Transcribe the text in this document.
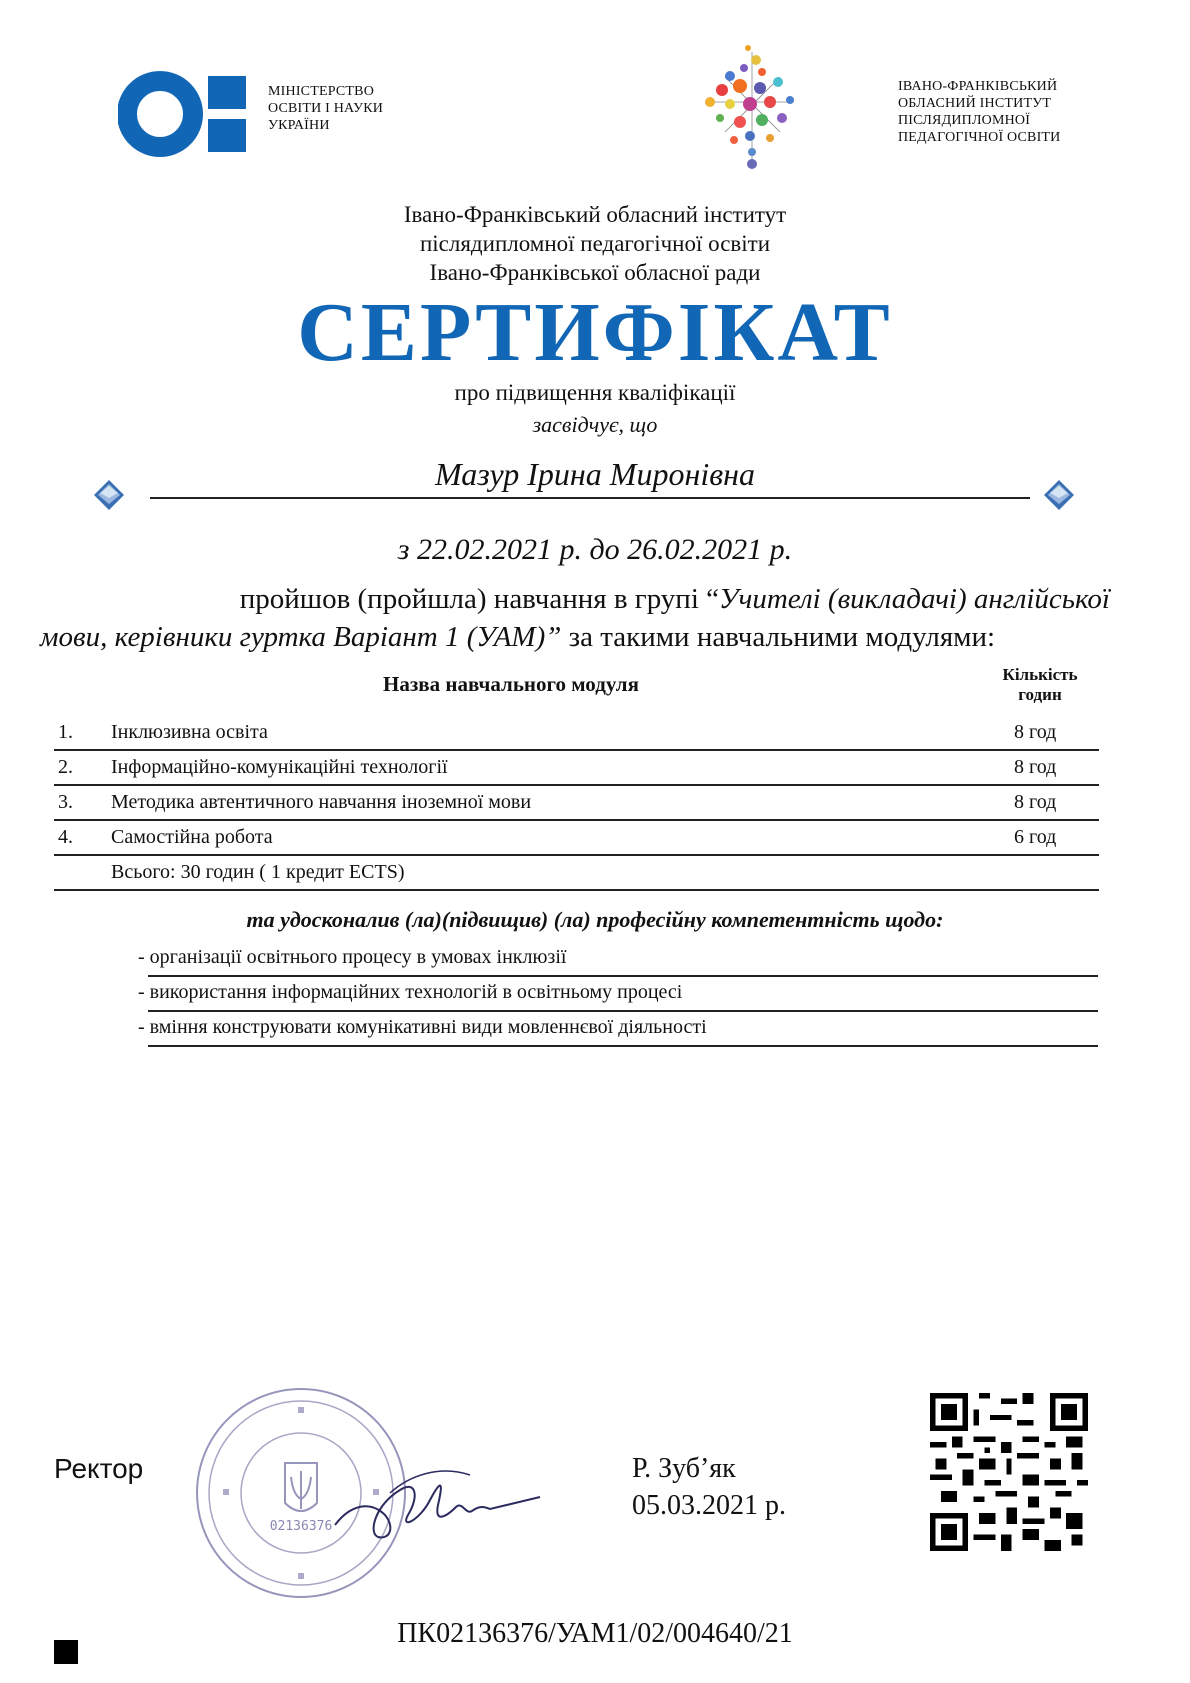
МІНІСТЕРСТВО
ОСВІТИ І НАУКИ
УКРАЇНИ
ІВАНО-ФРАНКІВСЬКИЙ
ОБЛАСНИЙ ІНСТИТУТ
ПІСЛЯДИПЛОМНОЇ
ПЕДАГОГІЧНОЇ ОСВІТИ
Івано-Франківський обласний інститут
післядипломної педагогічної освіти
Івано-Франківської обласної ради
СЕРТИФІКАТ
про підвищення кваліфікації
засвідчує, що
Мазур Ірина Миронівна
з 22.02.2021 р. до 26.02.2021 р.
пройшов (пройшла) навчання в групі “Учителі (викладачі) англійської
мови, керівники гуртка Варіант 1 (УАМ)” за такими навчальними модулями:
Назва навчального модуля	Кількість
годин
1. Інклюзивна освіта	8 год
2. Інформаційно-комунікаційні технології	8 год
3. Методика автентичного навчання іноземної мови	8 год
4. Самостійна робота	6 год
Всього: 30 годин ( 1 кредит ECTS)
та удосконалив (ла)(підвищив) (ла) професійну компетентність щодо:
- організації освітнього процесу в умовах інклюзії
- використання інформаційних технологій в освітньому процесі
- вміння конструювати комунікативні види мовленнєвої діяльності
Ректор
02136376
Р. Зуб’як
05.03.2021 р.
ПК02136376/УАМ1/02/004640/21
